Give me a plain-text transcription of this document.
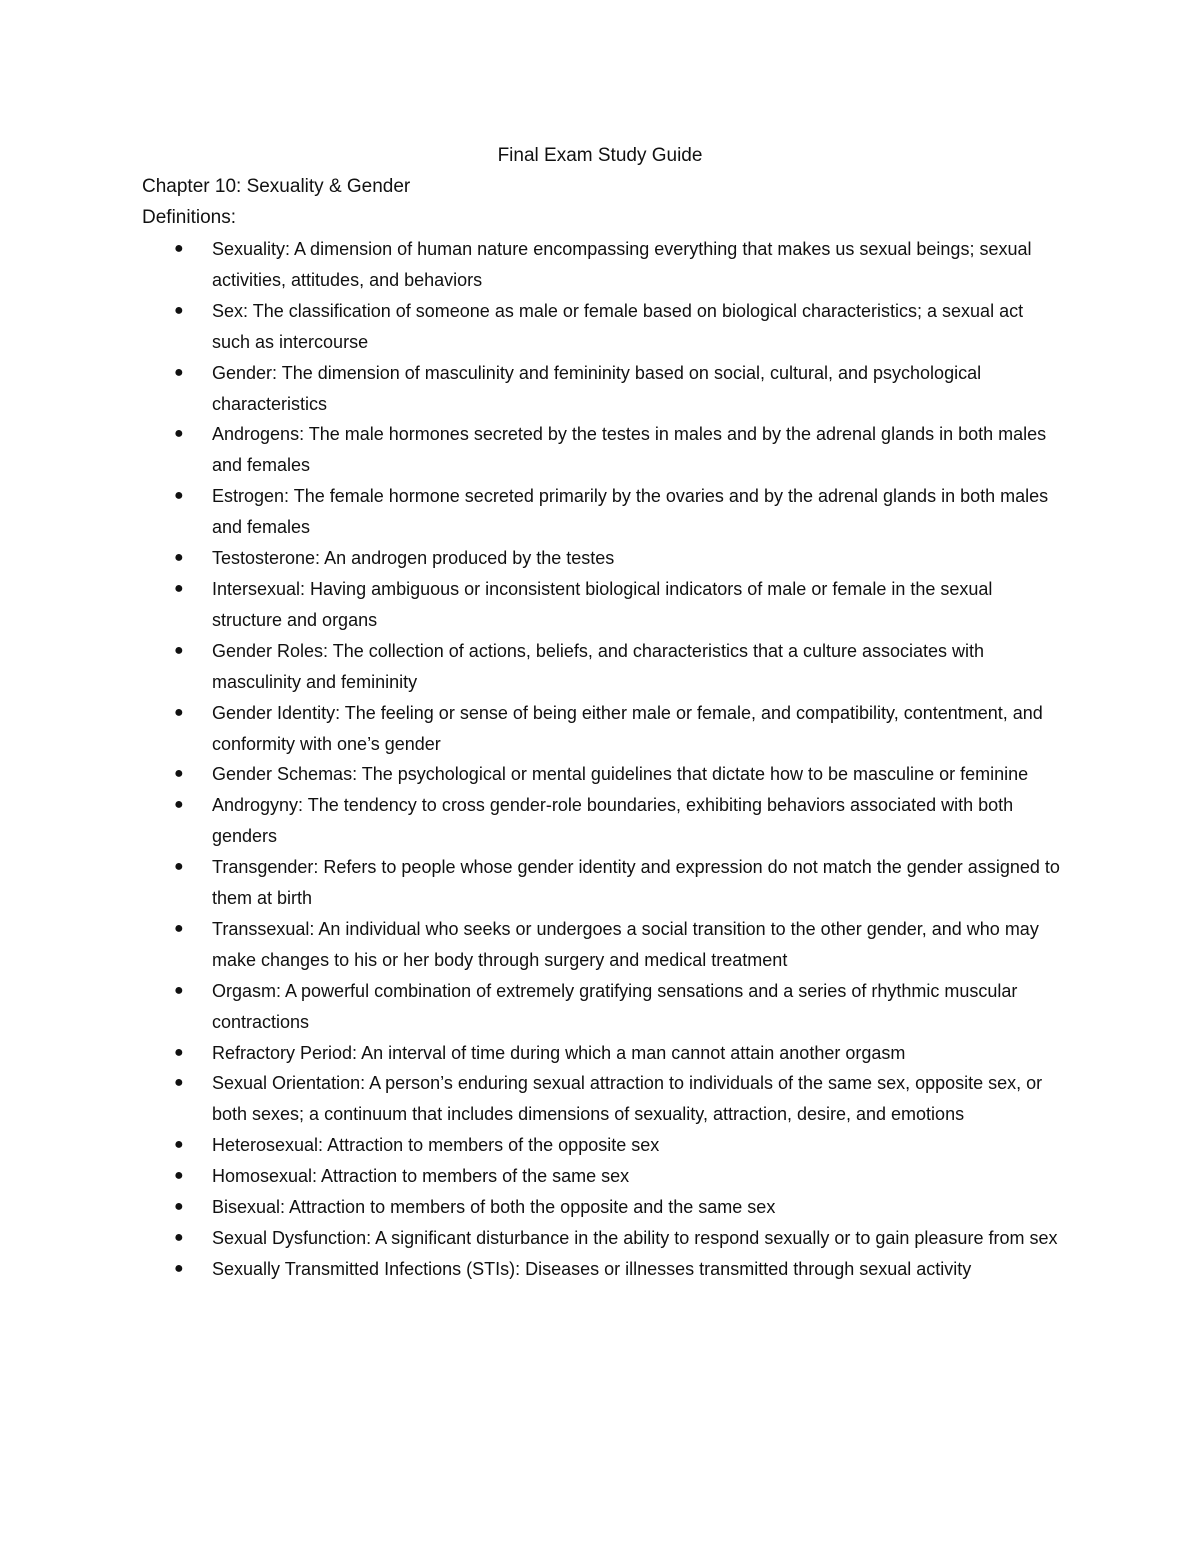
Final Exam Study Guide
Chapter 10: Sexuality & Gender
Definitions:
● Sexuality: A dimension of human nature encompassing everything that makes us sexual beings; sexual activities, attitudes, and behaviors
● Sex: The classification of someone as male or female based on biological characteristics; a sexual act such as intercourse
● Gender: The dimension of masculinity and femininity based on social, cultural, and psychological characteristics
● Androgens: The male hormones secreted by the testes in males and by the adrenal glands in both males and females
● Estrogen: The female hormone secreted primarily by the ovaries and by the adrenal glands in both males and females
● Testosterone: An androgen produced by the testes
● Intersexual: Having ambiguous or inconsistent biological indicators of male or female in the sexual structure and organs
● Gender Roles: The collection of actions, beliefs, and characteristics that a culture associates with masculinity and femininity
● Gender Identity: The feeling or sense of being either male or female, and compatibility, contentment, and conformity with one’s gender
● Gender Schemas: The psychological or mental guidelines that dictate how to be masculine or feminine
● Androgyny: The tendency to cross gender-role boundaries, exhibiting behaviors associated with both genders
● Transgender: Refers to people whose gender identity and expression do not match the gender assigned to them at birth
● Transsexual: An individual who seeks or undergoes a social transition to the other gender, and who may make changes to his or her body through surgery and medical treatment
● Orgasm: A powerful combination of extremely gratifying sensations and a series of rhythmic muscular contractions
● Refractory Period: An interval of time during which a man cannot attain another orgasm
● Sexual Orientation: A person’s enduring sexual attraction to individuals of the same sex, opposite sex, or both sexes; a continuum that includes dimensions of sexuality, attraction, desire, and emotions
● Heterosexual: Attraction to members of the opposite sex
● Homosexual: Attraction to members of the same sex
● Bisexual: Attraction to members of both the opposite and the same sex
● Sexual Dysfunction: A significant disturbance in the ability to respond sexually or to gain pleasure from sex
● Sexually Transmitted Infections (STIs): Diseases or illnesses transmitted through sexual activity
